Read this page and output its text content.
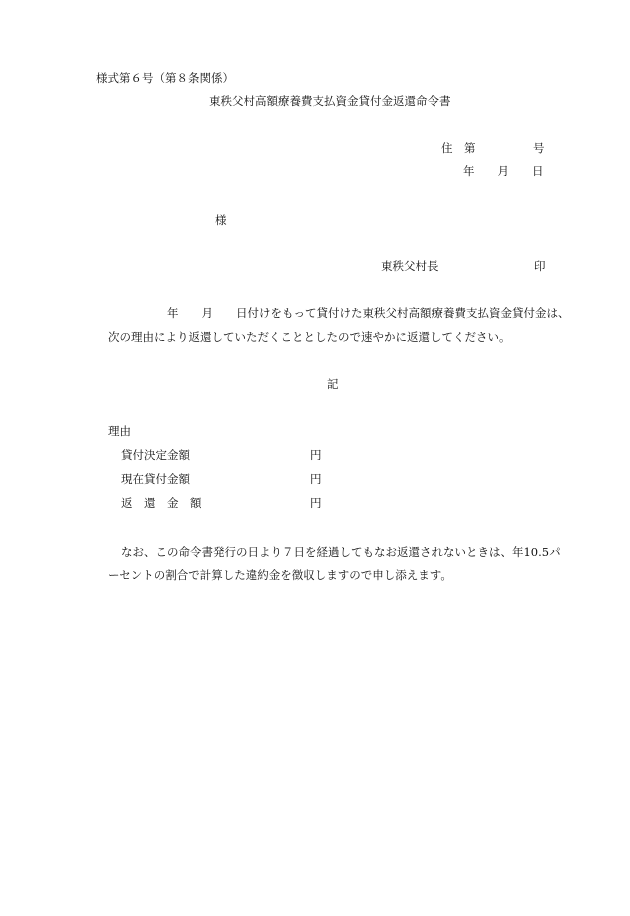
様式第６号（第８条関係）
東秩父村高額療養費支払資金貸付金返還命令書
住　第　　　　　号
年　　月　　日
様
東秩父村長	印
年　　月　　日付けをもって貸付けた東秩父村高額療養費支払資金貸付金は、
次の理由により返還していただくこととしたので速やかに返還してください。
記
理由
貸付決定金額	円
現在貸付金額	円
返　還　金　額	円
なお、この命令書発行の日より７日を経過してもなお返還されないときは、年10.5パ
ーセントの割合で計算した違約金を徴収しますので申し添えます。
